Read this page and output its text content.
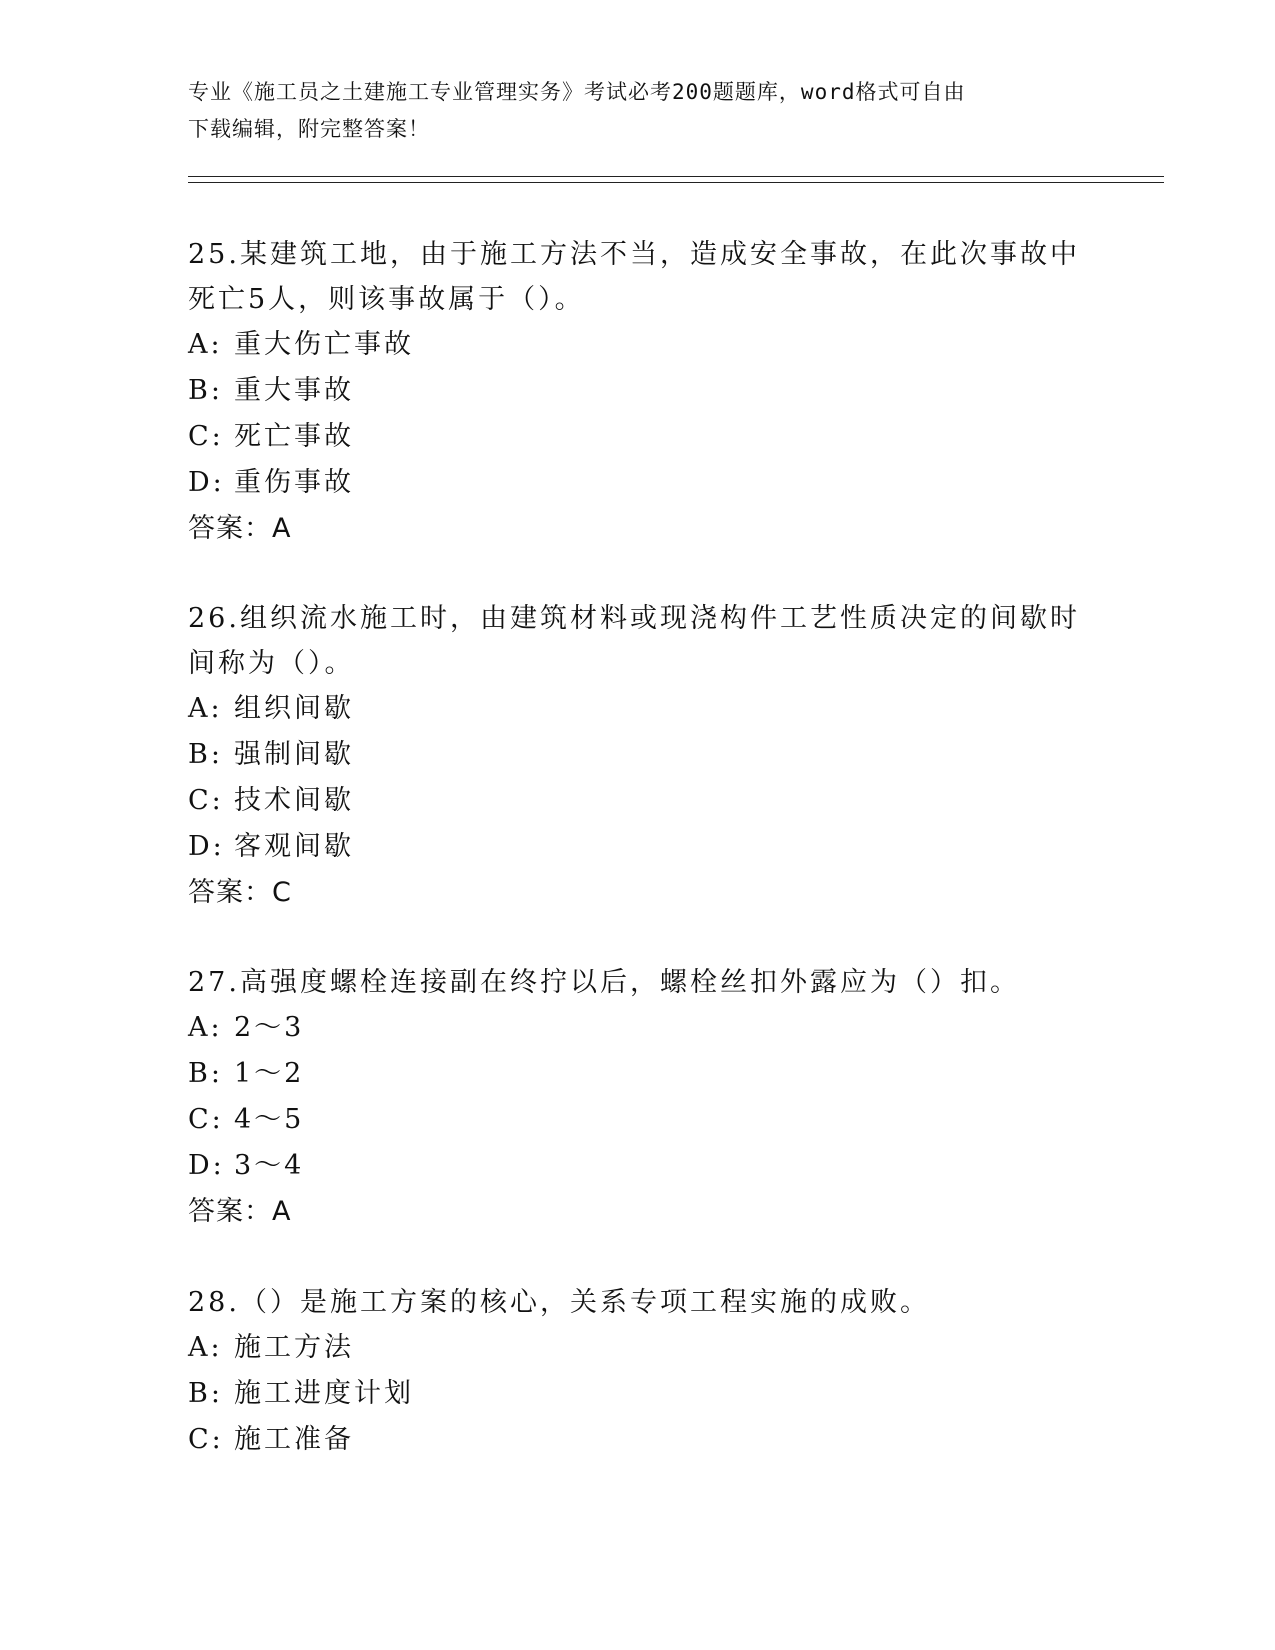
专业《施工员之土建施工专业管理实务》考试必考200题题库，word格式可自由
下载编辑，附完整答案！
25.某建筑工地，由于施工方法不当，造成安全事故，在此次事故中死亡5人，则该事故属于（）。
A: 重大伤亡事故
B: 重大事故
C: 死亡事故
D: 重伤事故
答案：A
26.组织流水施工时，由建筑材料或现浇构件工艺性质决定的间歇时间称为（）。
A: 组织间歇
B: 强制间歇
C: 技术间歇
D: 客观间歇
答案：C
27.高强度螺栓连接副在终拧以后，螺栓丝扣外露应为（）扣。
A: 2～3
B: 1～2
C: 4～5
D: 3～4
答案：A
28.（）是施工方案的核心，关系专项工程实施的成败。
A: 施工方法
B: 施工进度计划
C: 施工准备
